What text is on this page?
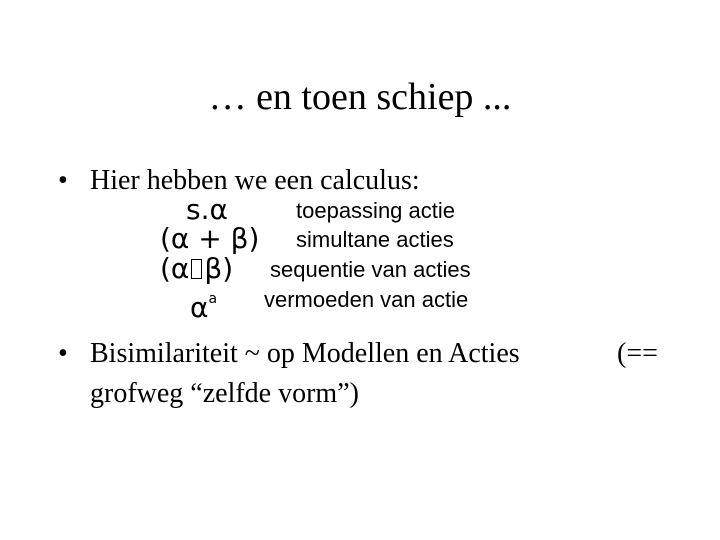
… en toen schiep ...
• Hier hebben we een calculus:
s.α	toepassing actie
(α + β) simultane acties
(α β) sequentie van acties
$\alpha^a$ vermoeden van actie
• Bisimilariteit ~ op Modellen en Acties	(==
grofweg “zelfde vorm”)
